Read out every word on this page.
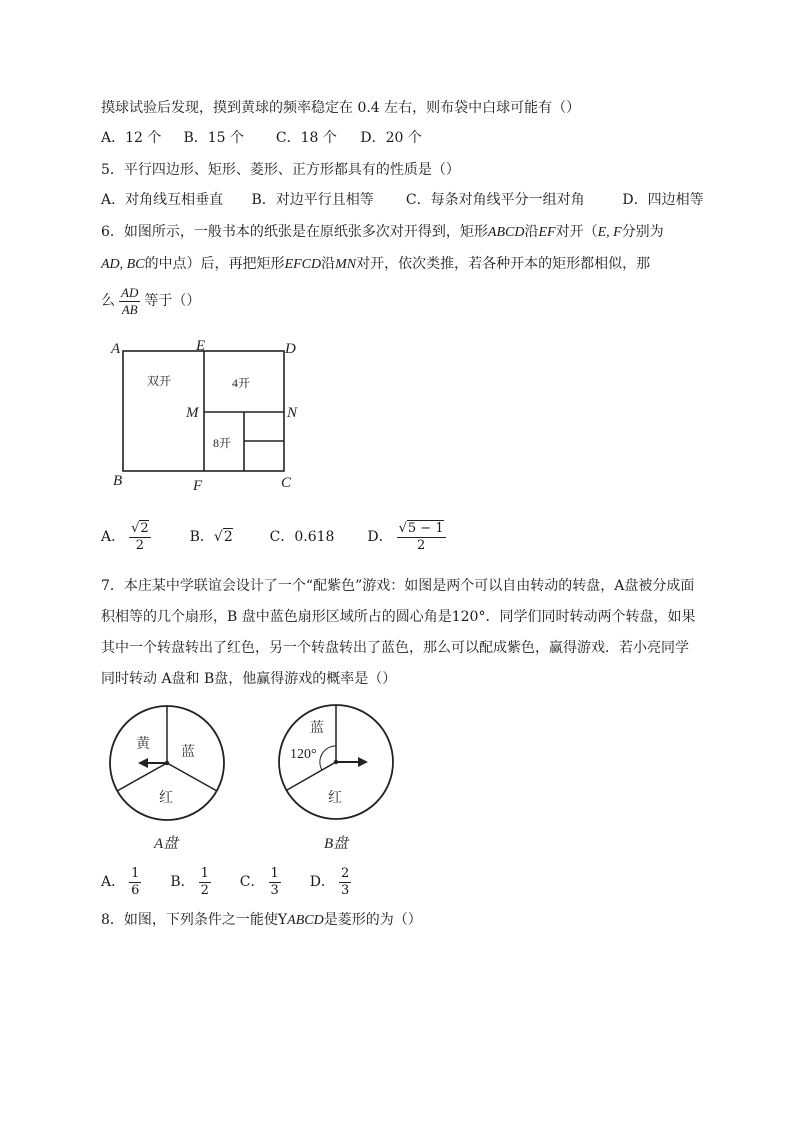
摸球试验后发现，摸到黄球的频率稳定在 0.4 左右，则布袋中白球可能有（）
A．12 个 B．15 个 C．18 个 D．20 个
5．平行四边形、矩形、菱形、正方形都具有的性质是（）
A．对角线互相垂直 B．对边平行且相等 C．每条对角线平分一组对角	D．四边相等
6．如图所示，一般书本的纸张是在原纸张多次对开得到，矩形ABCD沿EF对开（E, F分别为
AD, BC的中点）后，再把矩形EFCD沿MN对开，依次类推，若各种开本的矩形都相似，那
么 $\frac{AD}{AB}$ 等于（）
A	E	D
M	N
B	F	C
双开	4开
8开
A． $\frac{√2}{2}$	B．√2	C．0.618 D． $\frac{√5 - 1}{2}$
7．本庄某中学联谊会设计了一个“配紫色”游戏：如图是两个可以自由转动的转盘，A盘被分成面
积相等的几个扇形，B 盘中蓝色扇形区域所占的圆心角是120°．同学们同时转动两个转盘，如果
其中一个转盘转出了红色，另一个转盘转出了蓝色，那么可以配成紫色，赢得游戏．若小亮同学
同时转动 A盘和 B盘，他赢得游戏的概率是（）
黄
蓝
红
A盘
蓝
红
120°
B盘
A． $\frac{1}{6}$ B． $\frac{1}{2}$ C． $\frac{1}{3}$ D． $\frac{2}{3}$
8．如图，下列条件之一能使YABCD是菱形的为（）
